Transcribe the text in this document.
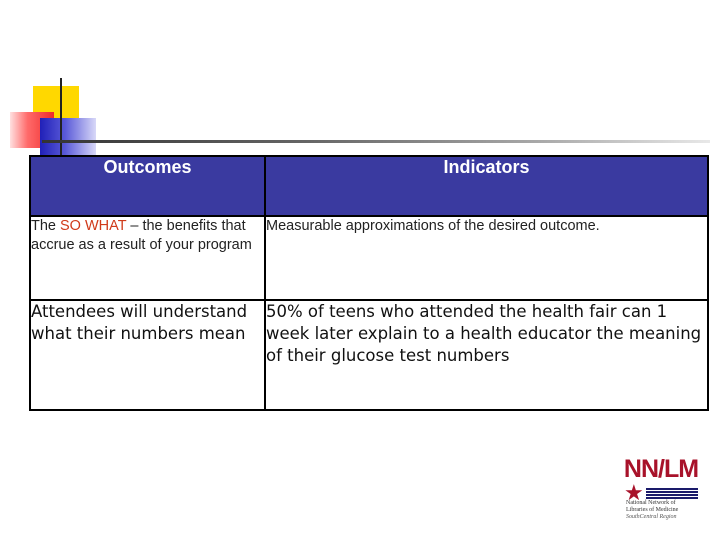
Outcomes	Indicators
The SO WHAT – the benefits that accrue as a result of your program	Measurable approximations of the desired outcome.
Attendees will understand what their numbers mean	50% of teens who attended the health fair can 1 week later explain to a health educator the meaning of their glucose test numbers
NN/LM
★
National Network of
Libraries of Medicine
SouthCentral Region
